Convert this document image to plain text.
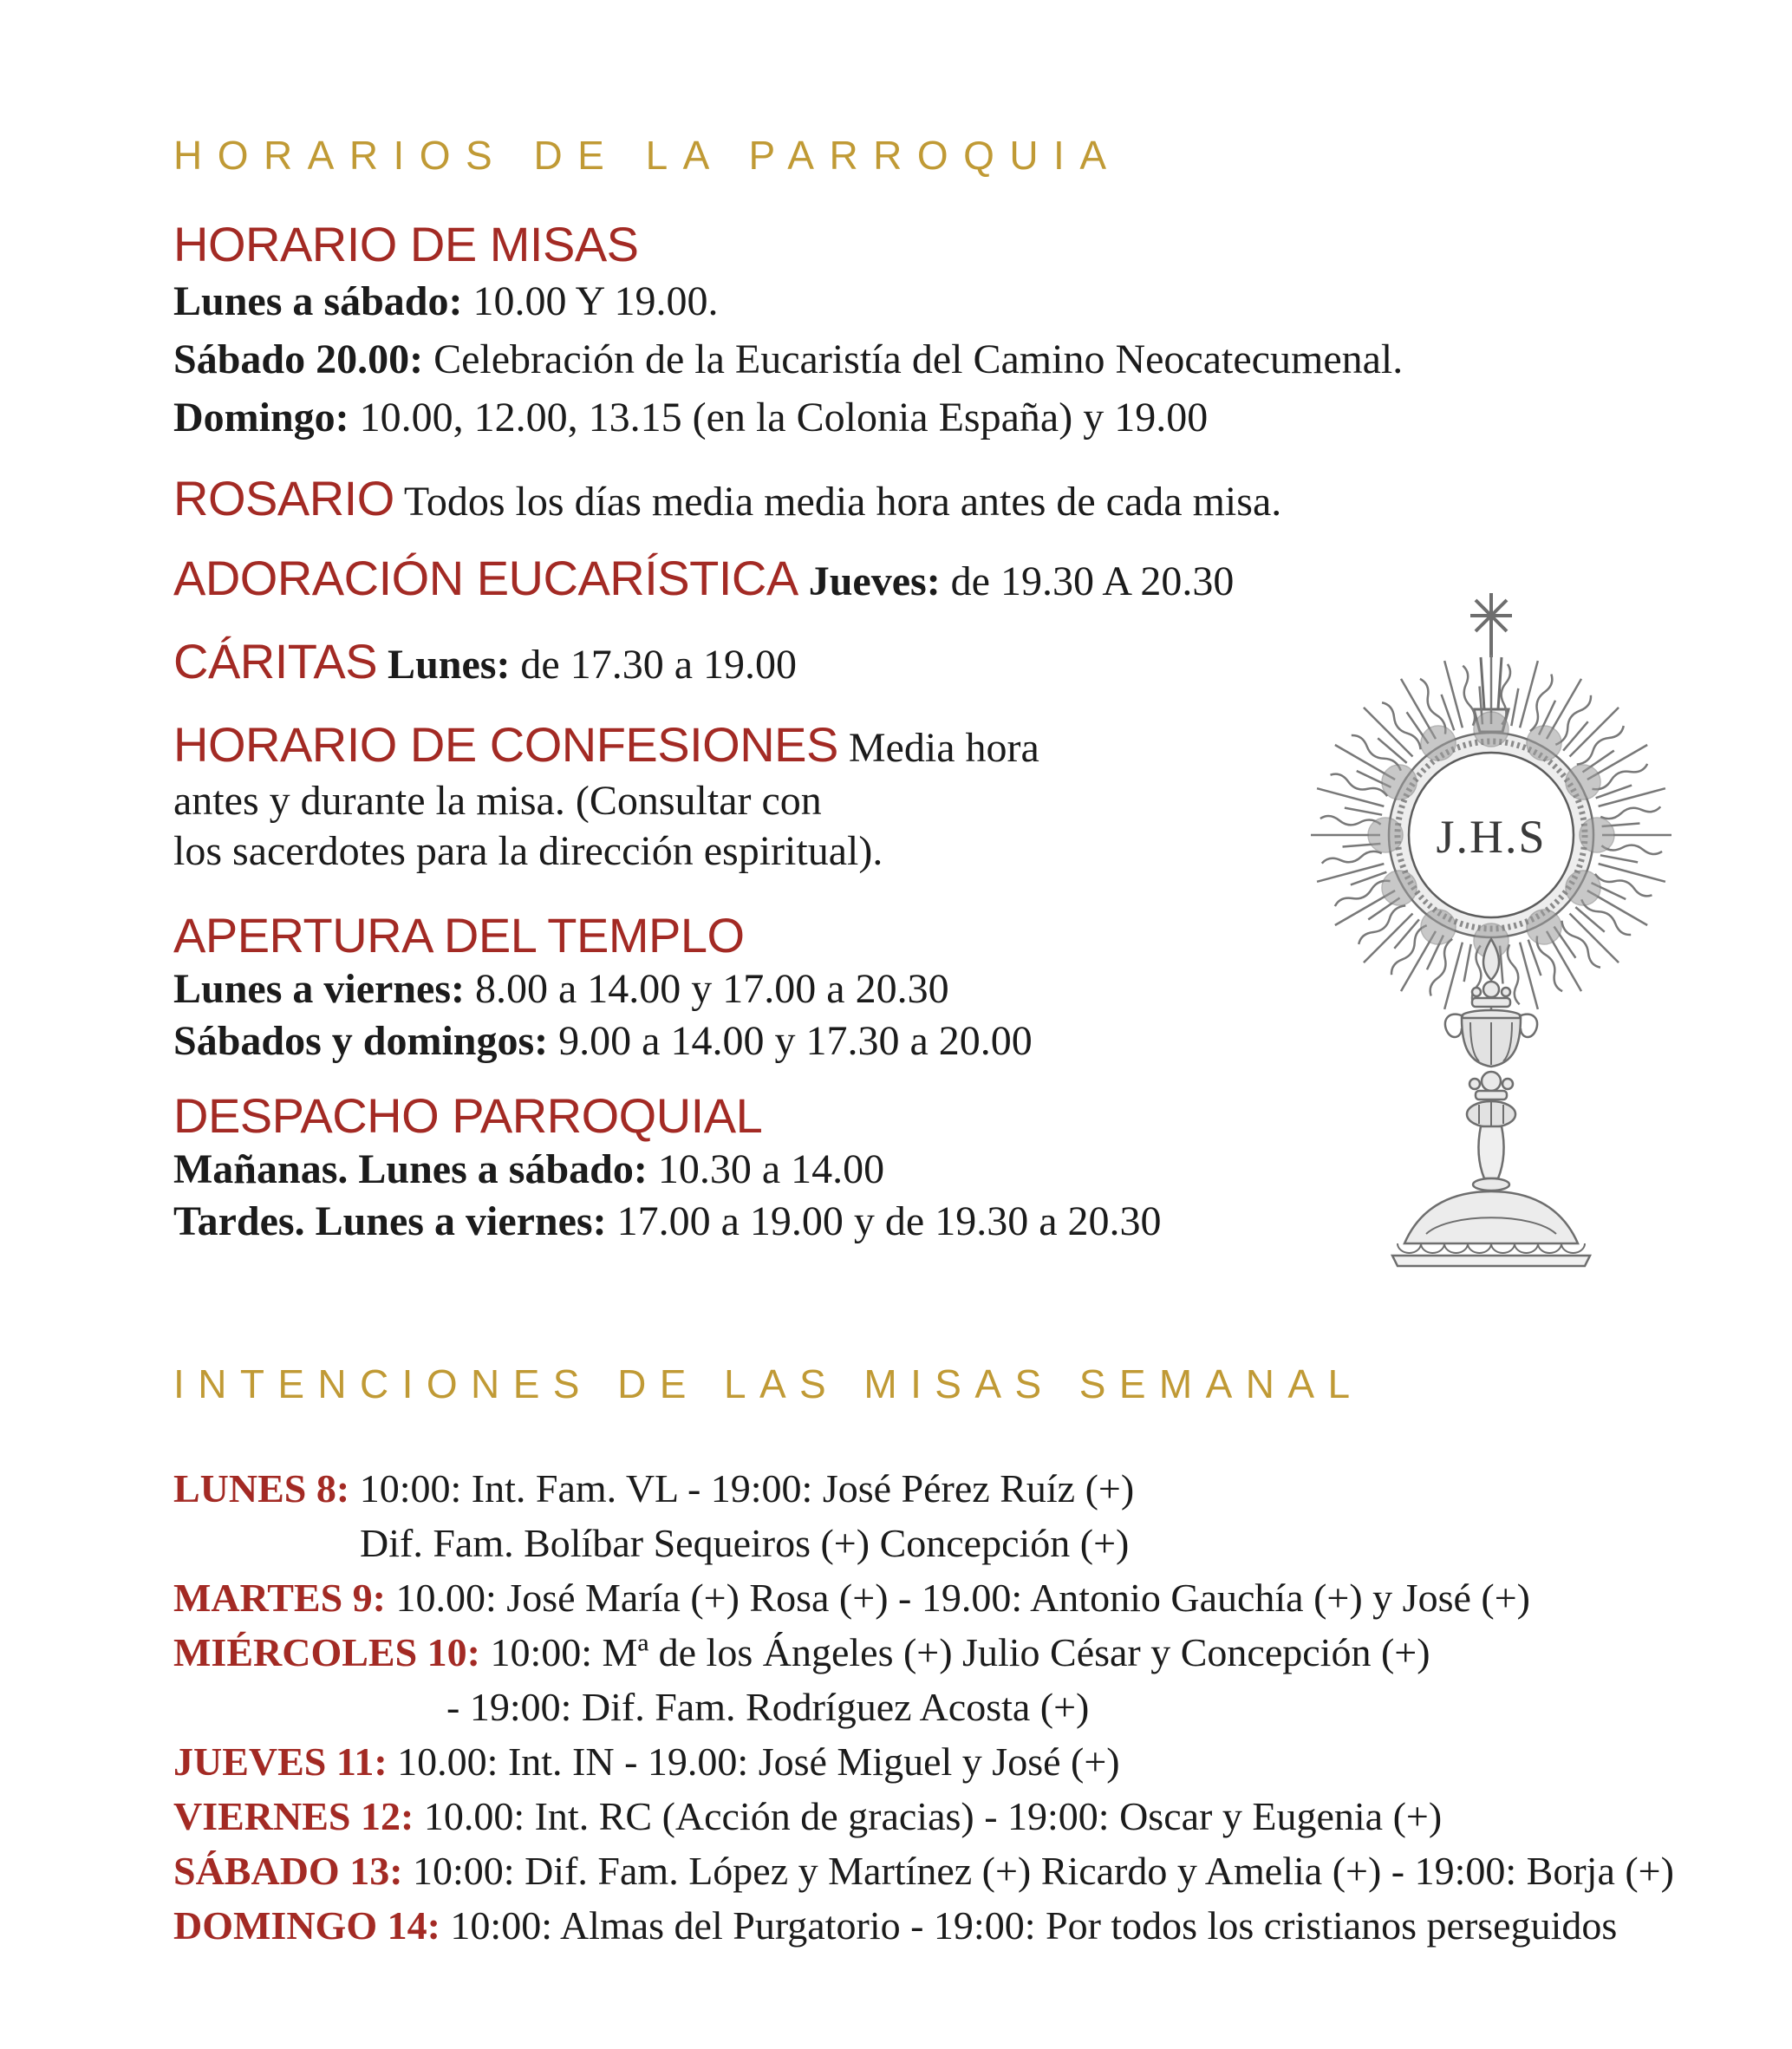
HORARIOS DE LA PARROQUIA
HORARIO DE MISAS

Lunes a sábado: 10.00 Y 19.00.

Sábado 20.00: Celebración de la Eucaristía del Camino Neocatecumenal.

Domingo: 10.00, 12.00, 13.15 (en la Colonia España) y 19.00

ROSARIO Todos los días media media hora antes de cada misa.

ADORACIÓN EUCARÍSTICA Jueves: de 19.30 A 20.30

CÁRITAS Lunes: de 17.30 a 19.00

HORARIO DE CONFESIONES Media hora

antes y durante la misa. (Consultar con

los sacerdotes para la dirección espiritual).

APERTURA DEL TEMPLO

Lunes a viernes: 8.00 a 14.00 y 17.00 a 20.30

Sábados y domingos: 9.00 a 14.00 y 17.30 a 20.00

DESPACHO PARROQUIAL

Mañanas. Lunes a sábado: 10.30 a 14.00

Tardes. Lunes a viernes: 17.00 a 19.00 y de 19.30 a 20.30

INTENCIONES DE LAS MISAS SEMANAL

LUNES 8: 10:00: Int. Fam. VL - 19:00: José Pérez Ruíz (+)

Dif. Fam. Bolíbar Sequeiros (+) Concepción (+)

MARTES 9: 10.00: José María (+) Rosa (+) - 19.00: Antonio Gauchía (+) y José (+)

MIÉRCOLES 10: 10:00: Mª de los Ángeles (+) Julio César y Concepción (+)

- 19:00: Dif. Fam. Rodríguez Acosta (+)

JUEVES 11: 10.00: Int. IN - 19.00: José Miguel y José (+)

VIERNES 12: 10.00: Int. RC (Acción de gracias) - 19:00: Oscar y Eugenia (+)

SÁBADO 13: 10:00: Dif. Fam. López y Martínez (+) Ricardo y Amelia (+) - 19:00: Borja (+)

DOMINGO 14: 10:00: Almas del Purgatorio - 19:00: Por todos los cristianos perseguidos

J.H.S
